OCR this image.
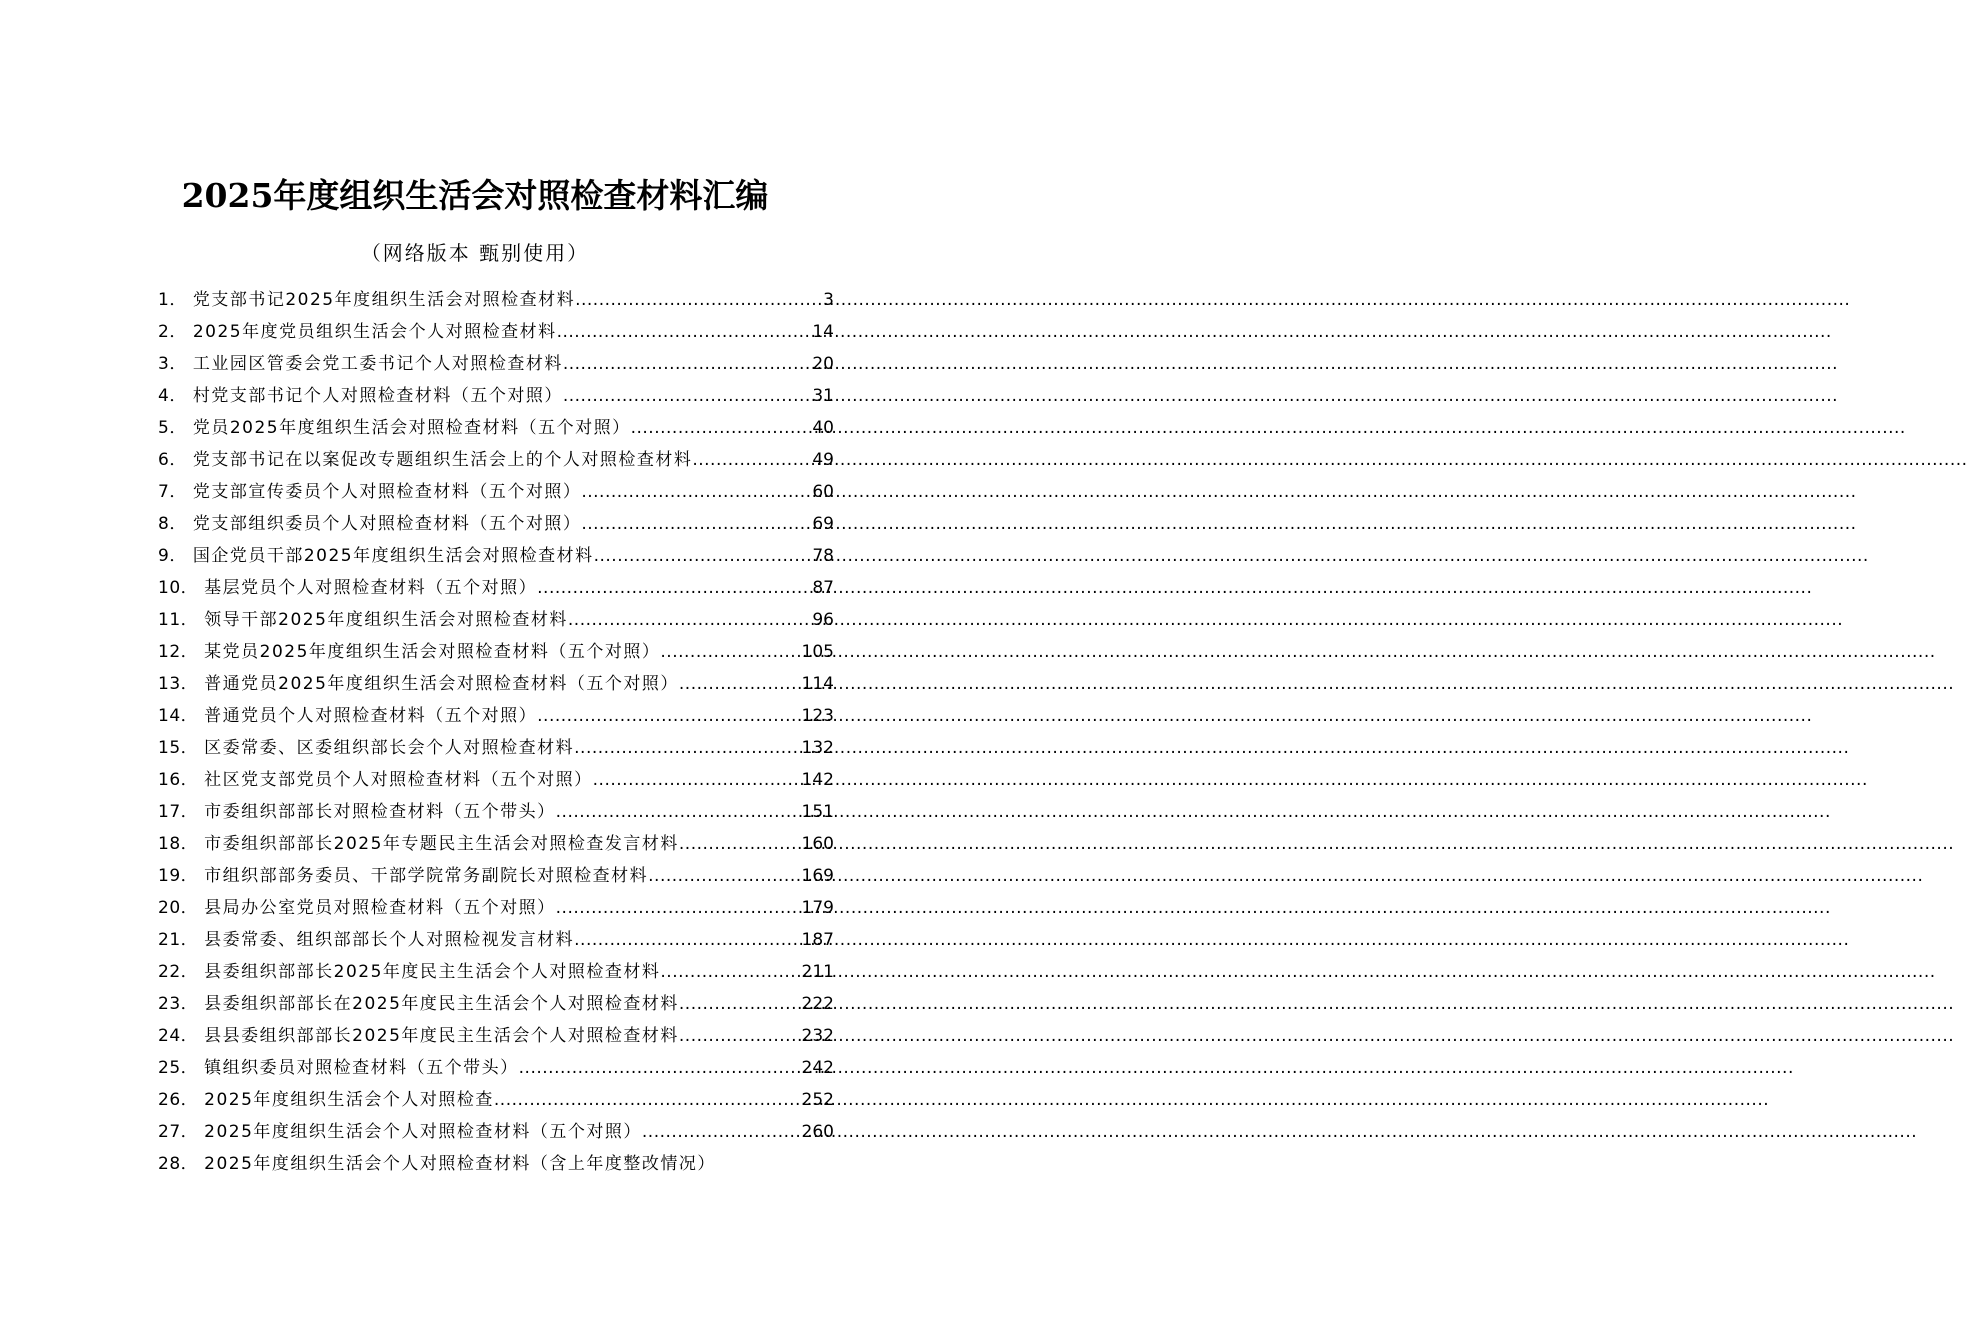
2025年度组织生活会对照检查材料汇编
（网络版本 甄别使用）
1． 党支部书记2025年度组织生活会对照检查材料 .....	3
2． 2025年度党员组织生活会个人对照检查材料 .....	14
3． 工业园区管委会党工委书记个人对照检查材料 .....	20
4． 村党支部书记个人对照检查材料（五个对照） .....	31
5． 党员2025年度组织生活会对照检查材料（五个对照） .....	40
6． 党支部书记在以案促改专题组织生活会上的个人对照检查材料 .....	49
7． 党支部宣传委员个人对照检查材料（五个对照） .....	60
8． 党支部组织委员个人对照检查材料（五个对照） .....	69
9． 国企党员干部2025年度组织生活会对照检查材料 .....	78
10． 基层党员个人对照检查材料（五个对照） .....	87
11． 领导干部2025年度组织生活会对照检查材料 .....	96
12． 某党员2025年度组织生活会对照检查材料（五个对照） .....	105
13． 普通党员2025年度组织生活会对照检查材料（五个对照） .....	114
14． 普通党员个人对照检查材料（五个对照） .....	123
15． 区委常委、区委组织部长会个人对照检查材料 .....	132
16． 社区党支部党员个人对照检查材料（五个对照） .....	142
17． 市委组织部部长对照检查材料（五个带头） .....	151
18． 市委组织部部长2025年专题民主生活会对照检查发言材料 .....	160
19． 市组织部部务委员、干部学院常务副院长对照检查材料 .....	169
20． 县局办公室党员对照检查材料（五个对照） .....	179
21． 县委常委、组织部部长个人对照检视发言材料 .....	187
22． 县委组织部部长2025年度民主生活会个人对照检查材料 .....	211
23． 县委组织部部长在2025年度民主生活会个人对照检查材料 .....	222
24． 县县委组织部部长2025年度民主生活会个人对照检查材料 .....	232
25． 镇组织委员对照检查材料（五个带头） .....	242
26． 2025年度组织生活会个人对照检查 .....	252
27． 2025年度组织生活会个人对照检查材料（五个对照） .....	260
28． 2025年度组织生活会个人对照检查材料（含上年度整改情况）
